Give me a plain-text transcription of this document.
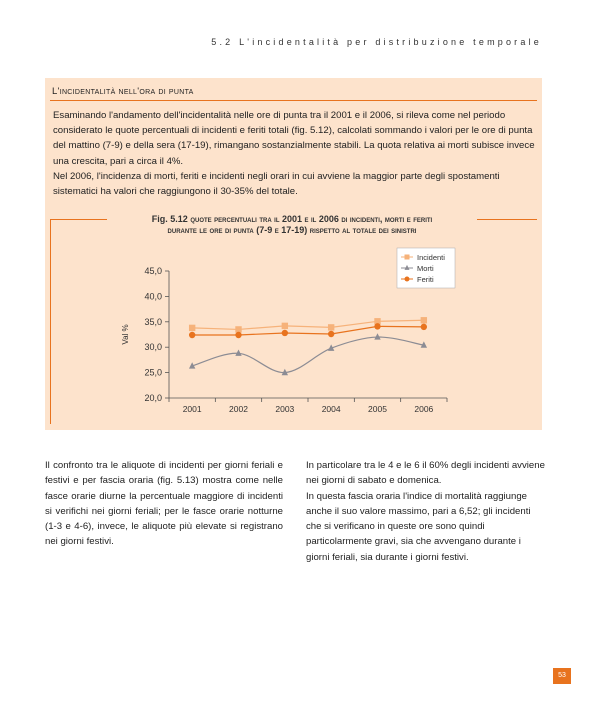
5.2 L'incidentalità per distribuzione temporale
L'incidentalità nell'ora di punta

Esaminando l'andamento dell'incidentalità nelle ore di punta tra il 2001 e il 2006, si rileva come nel periodo considerato le quote percentuali di incidenti e feriti totali (fig. 5.12), calcolati sommando i valori per le ore di punta del mattino (7-9) e della sera (17-19), rimangano sostanzialmente stabili. La quota relativa ai morti subisce invece una crescita, pari a circa il 4%.

Nel 2006, l'incidenza di morti, feriti e incidenti negli orari in cui avviene la maggior parte degli spostamenti sistematici ha valori che raggiungono il 30-35% del totale.

Fig. 5.12 quote percentuali tra il 2001 e il 2006 di incidenti, morti e feriti
durante le ore di punta (7-9 e 17-19) rispetto al totale dei sinistri
20,0
25,0
30,0
35,0
40,0
45,0
2001	2002	2003	2004	2005	2006
Val %
Incidenti
Morti
Feriti

Il confronto tra le aliquote di incidenti per giorni feriali e festivi e per fascia oraria (fig. 5.13) mostra come nelle fasce orarie diurne la percentuale maggiore di incidenti si verifichi nei giorni feriali; per le fasce orarie notturne (1-3 e 4-6), invece, le aliquote più elevate si registrano nei giorni festivi.

In particolare tra le 4 e le 6 il 60% degli incidenti avviene nei giorni di sabato e domenica.

In questa fascia oraria l'indice di mortalità raggiunge anche il suo valore massimo, pari a 6,52; gli incidenti che si verificano in queste ore sono quindi particolarmente gravi, sia che avvengano durante i giorni feriali, sia durante i giorni festivi.

53
